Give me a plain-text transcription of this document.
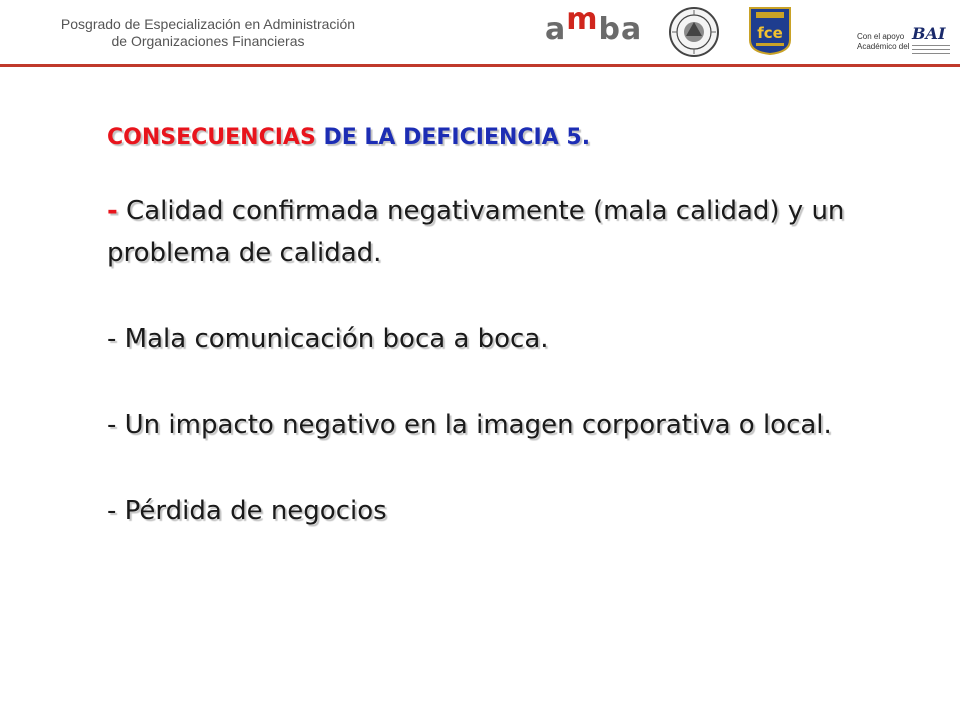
Posgrado de Especialización en Administración
de Organizaciones Financieras	amba	fce	Con el apoyo
Académico del
BAI

CONSECUENCIAS DE LA DEFICIENCIA 5.

- Calidad confirmada negativamente (mala calidad) y un problema de calidad.

- Mala comunicación boca a boca.

- Un impacto negativo en la imagen corporativa o local.

- Pérdida de negocios
